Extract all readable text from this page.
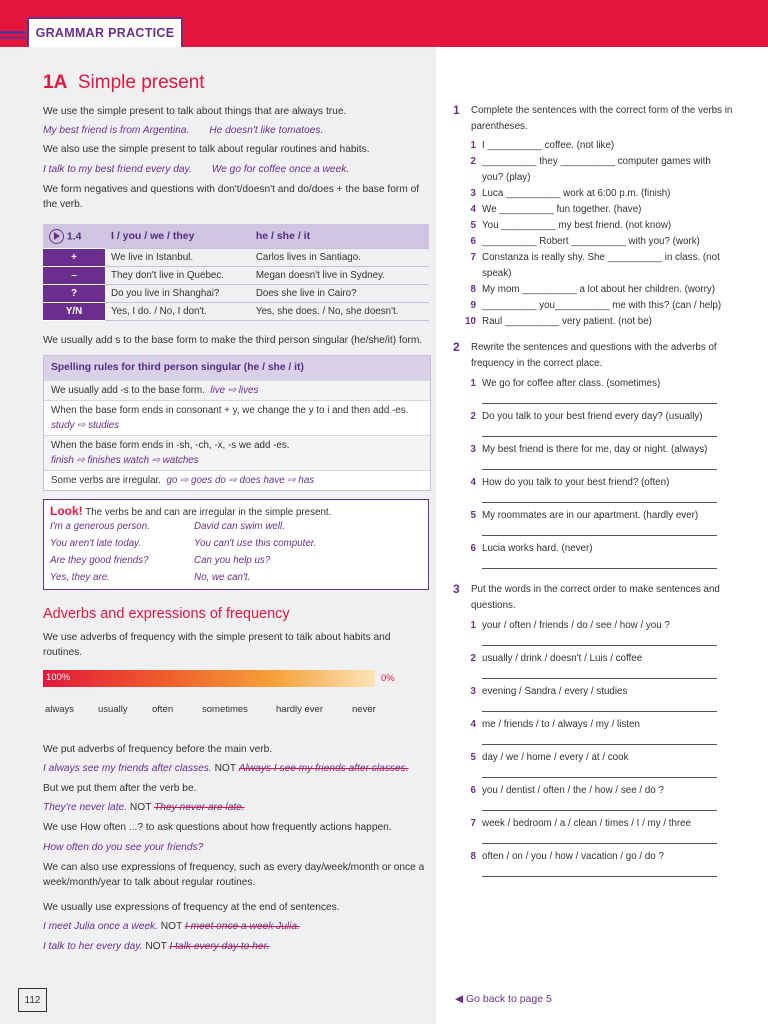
GRAMMAR PRACTICE
1A Simple present
We use the simple present to talk about things that are always true.
My best friend is from Argentina. He doesn't like tomatoes.
We also use the simple present to talk about regular routines and habits.
I talk to my best friend every day. We go for coffee once a week.
We form negatives and questions with don't/doesn't and do/does + the base form of the verb.
1.4	I / you / we / they	he / she / it
+	We live in Istanbul.	Carlos lives in Santiago.
–	They don't live in Quebec.	Megan doesn't live in Sydney.
?	Do you live in Shanghai?	Does she live in Cairo?
Y/N	Yes, I do. / No, I don't.	Yes, she does. / No, she doesn't.
We usually add s to the base form to make the third person singular (he/she/it) form.
Spelling rules for third person singular (he / she / it)
We usually add -s to the base form. live ⇨ lives
When the base form ends in consonant + y, we change the y to i and then add -es.
study ⇨ studies
When the base form ends in -sh, -ch, -x, -s we add -es.
finish ⇨ finishes watch ⇨ watches
Some verbs are irregular. go ⇨ goes do ⇨ does have ⇨ has
Look! The verbs be and can are irregular in the simple present.
I'm a generous person.
You aren't late today.
Are they good friends?
Yes, they are.
David can swim well.
You can't use this computer.
Can you help us?
No, we can't.
Adverbs and expressions of frequency
We use adverbs of frequency with the simple present to talk about habits and routines.
100%	0%
always	usually	often	sometimes	hardly ever	never
We put adverbs of frequency before the main verb.
I always see my friends after classes. NOT Always I see my friends after classes.
But we put them after the verb be.
They're never late. NOT They never are late.
We use How often ...? to ask questions about how frequently actions happen.
How often do you see your friends?
We can also use expressions of frequency, such as every day/week/month or once a week/month/year to talk about regular routines.
We usually use expressions of frequency at the end of sentences.
I meet Julia once a week. NOT I meet once a week Julia.
I talk to her every day. NOT I talk every day to her.
112
1 Complete the sentences with the correct form of the verbs in parentheses.
1 I __________ coffee. (not like)
2 __________ they __________ computer games with
you? (play)
3 Luca __________ work at 6:00 p.m. (finish)
4 We __________ fun together. (have)
5 You __________ my best friend. (not know)
6 __________ Robert __________ with you? (work)
7 Constanza is really shy. She __________ in class. (not
speak)
8 My mom __________ a lot about her children. (worry)
9 __________ you__________ me with this? (can / help)
10 Raul __________ very patient. (not be)
2 Rewrite the sentences and questions with the adverbs of frequency in the correct place.
1 We go for coffee after class. (sometimes)
2 Do you talk to your best friend every day? (usually)
3 My best friend is there for me, day or night. (always)
4 How do you talk to your best friend? (often)
5 My roommates are in our apartment. (hardly ever)
6 Lucia works hard. (never)
3 Put the words in the correct order to make sentences and questions.
1 your / often / friends / do / see / how / you ?
2 usually / drink / doesn't / Luis / coffee
3 evening / Sandra / every / studies
4 me / friends / to / always / my / listen
5 day / we / home / every / at / cook
6 you / dentist / often / the / how / see / do ?
7 week / bedroom / a / clean / times / I / my / three
8 often / on / you / how / vacation / go / do ?
◀ Go back to page 5
